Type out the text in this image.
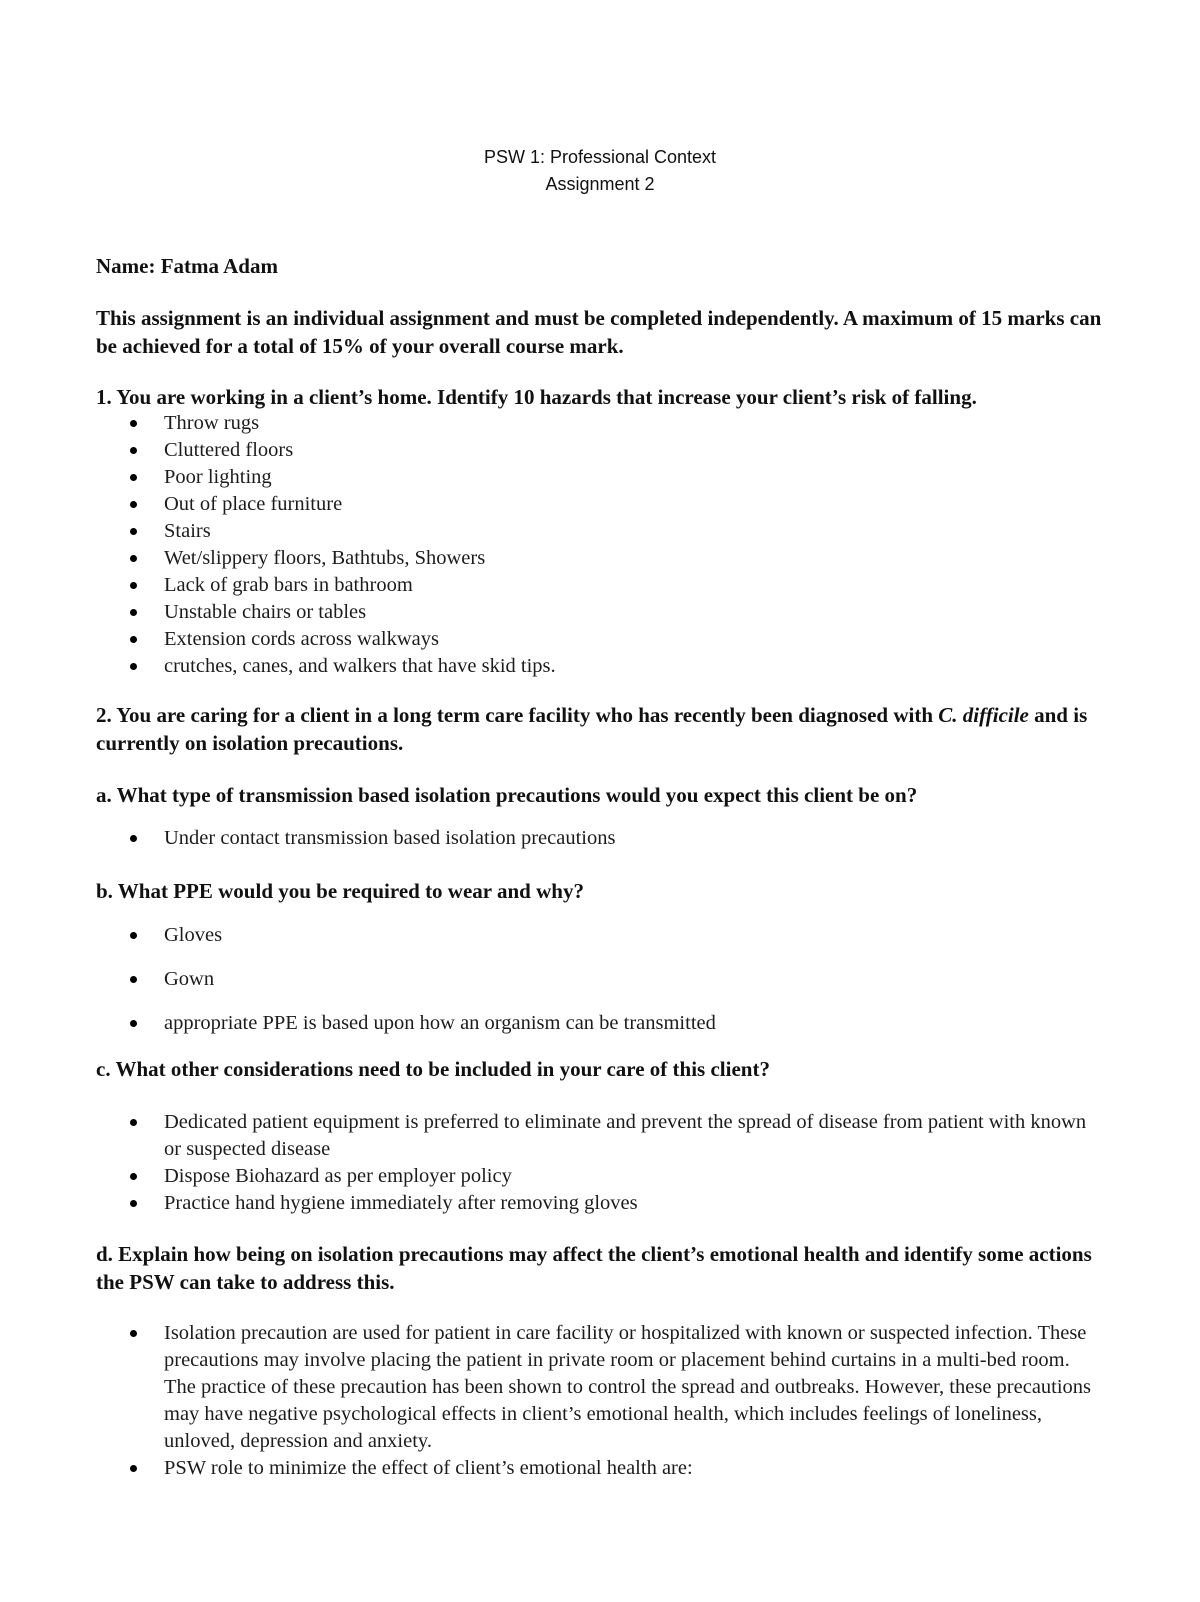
PSW 1: Professional Context
Assignment 2
Name: Fatma Adam
This assignment is an individual assignment and must be completed independently. A maximum of 15 marks can be achieved for a total of 15% of your overall course mark.
1. You are working in a client’s home. Identify 10 hazards that increase your client’s risk of falling.
Throw rugs
Cluttered floors
Poor lighting
Out of place furniture
Stairs
Wet/slippery floors, Bathtubs, Showers
Lack of grab bars in bathroom
Unstable chairs or tables
Extension cords across walkways
crutches, canes, and walkers that have skid tips.
2. You are caring for a client in a long term care facility who has recently been diagnosed with C. difficile and is currently on isolation precautions.
a. What type of transmission based isolation precautions would you expect this client be on?
Under contact transmission based isolation precautions
b. What PPE would you be required to wear and why?
Gloves
Gown
appropriate PPE is based upon how an organism can be transmitted
c. What other considerations need to be included in your care of this client?
Dedicated patient equipment is preferred to eliminate and prevent the spread of disease from patient with known or suspected disease
Dispose Biohazard as per employer policy
Practice hand hygiene immediately after removing gloves
d. Explain how being on isolation precautions may affect the client’s emotional health and identify some actions the PSW can take to address this.
Isolation precaution are used for patient in care facility or hospitalized with known or suspected infection. These precautions may involve placing the patient in private room or placement behind curtains in a multi-bed room. The practice of these precaution has been shown to control the spread and outbreaks. However, these precautions may have negative psychological effects in client’s emotional health, which includes feelings of loneliness, unloved, depression and anxiety.
PSW role to minimize the effect of client’s emotional health are:
